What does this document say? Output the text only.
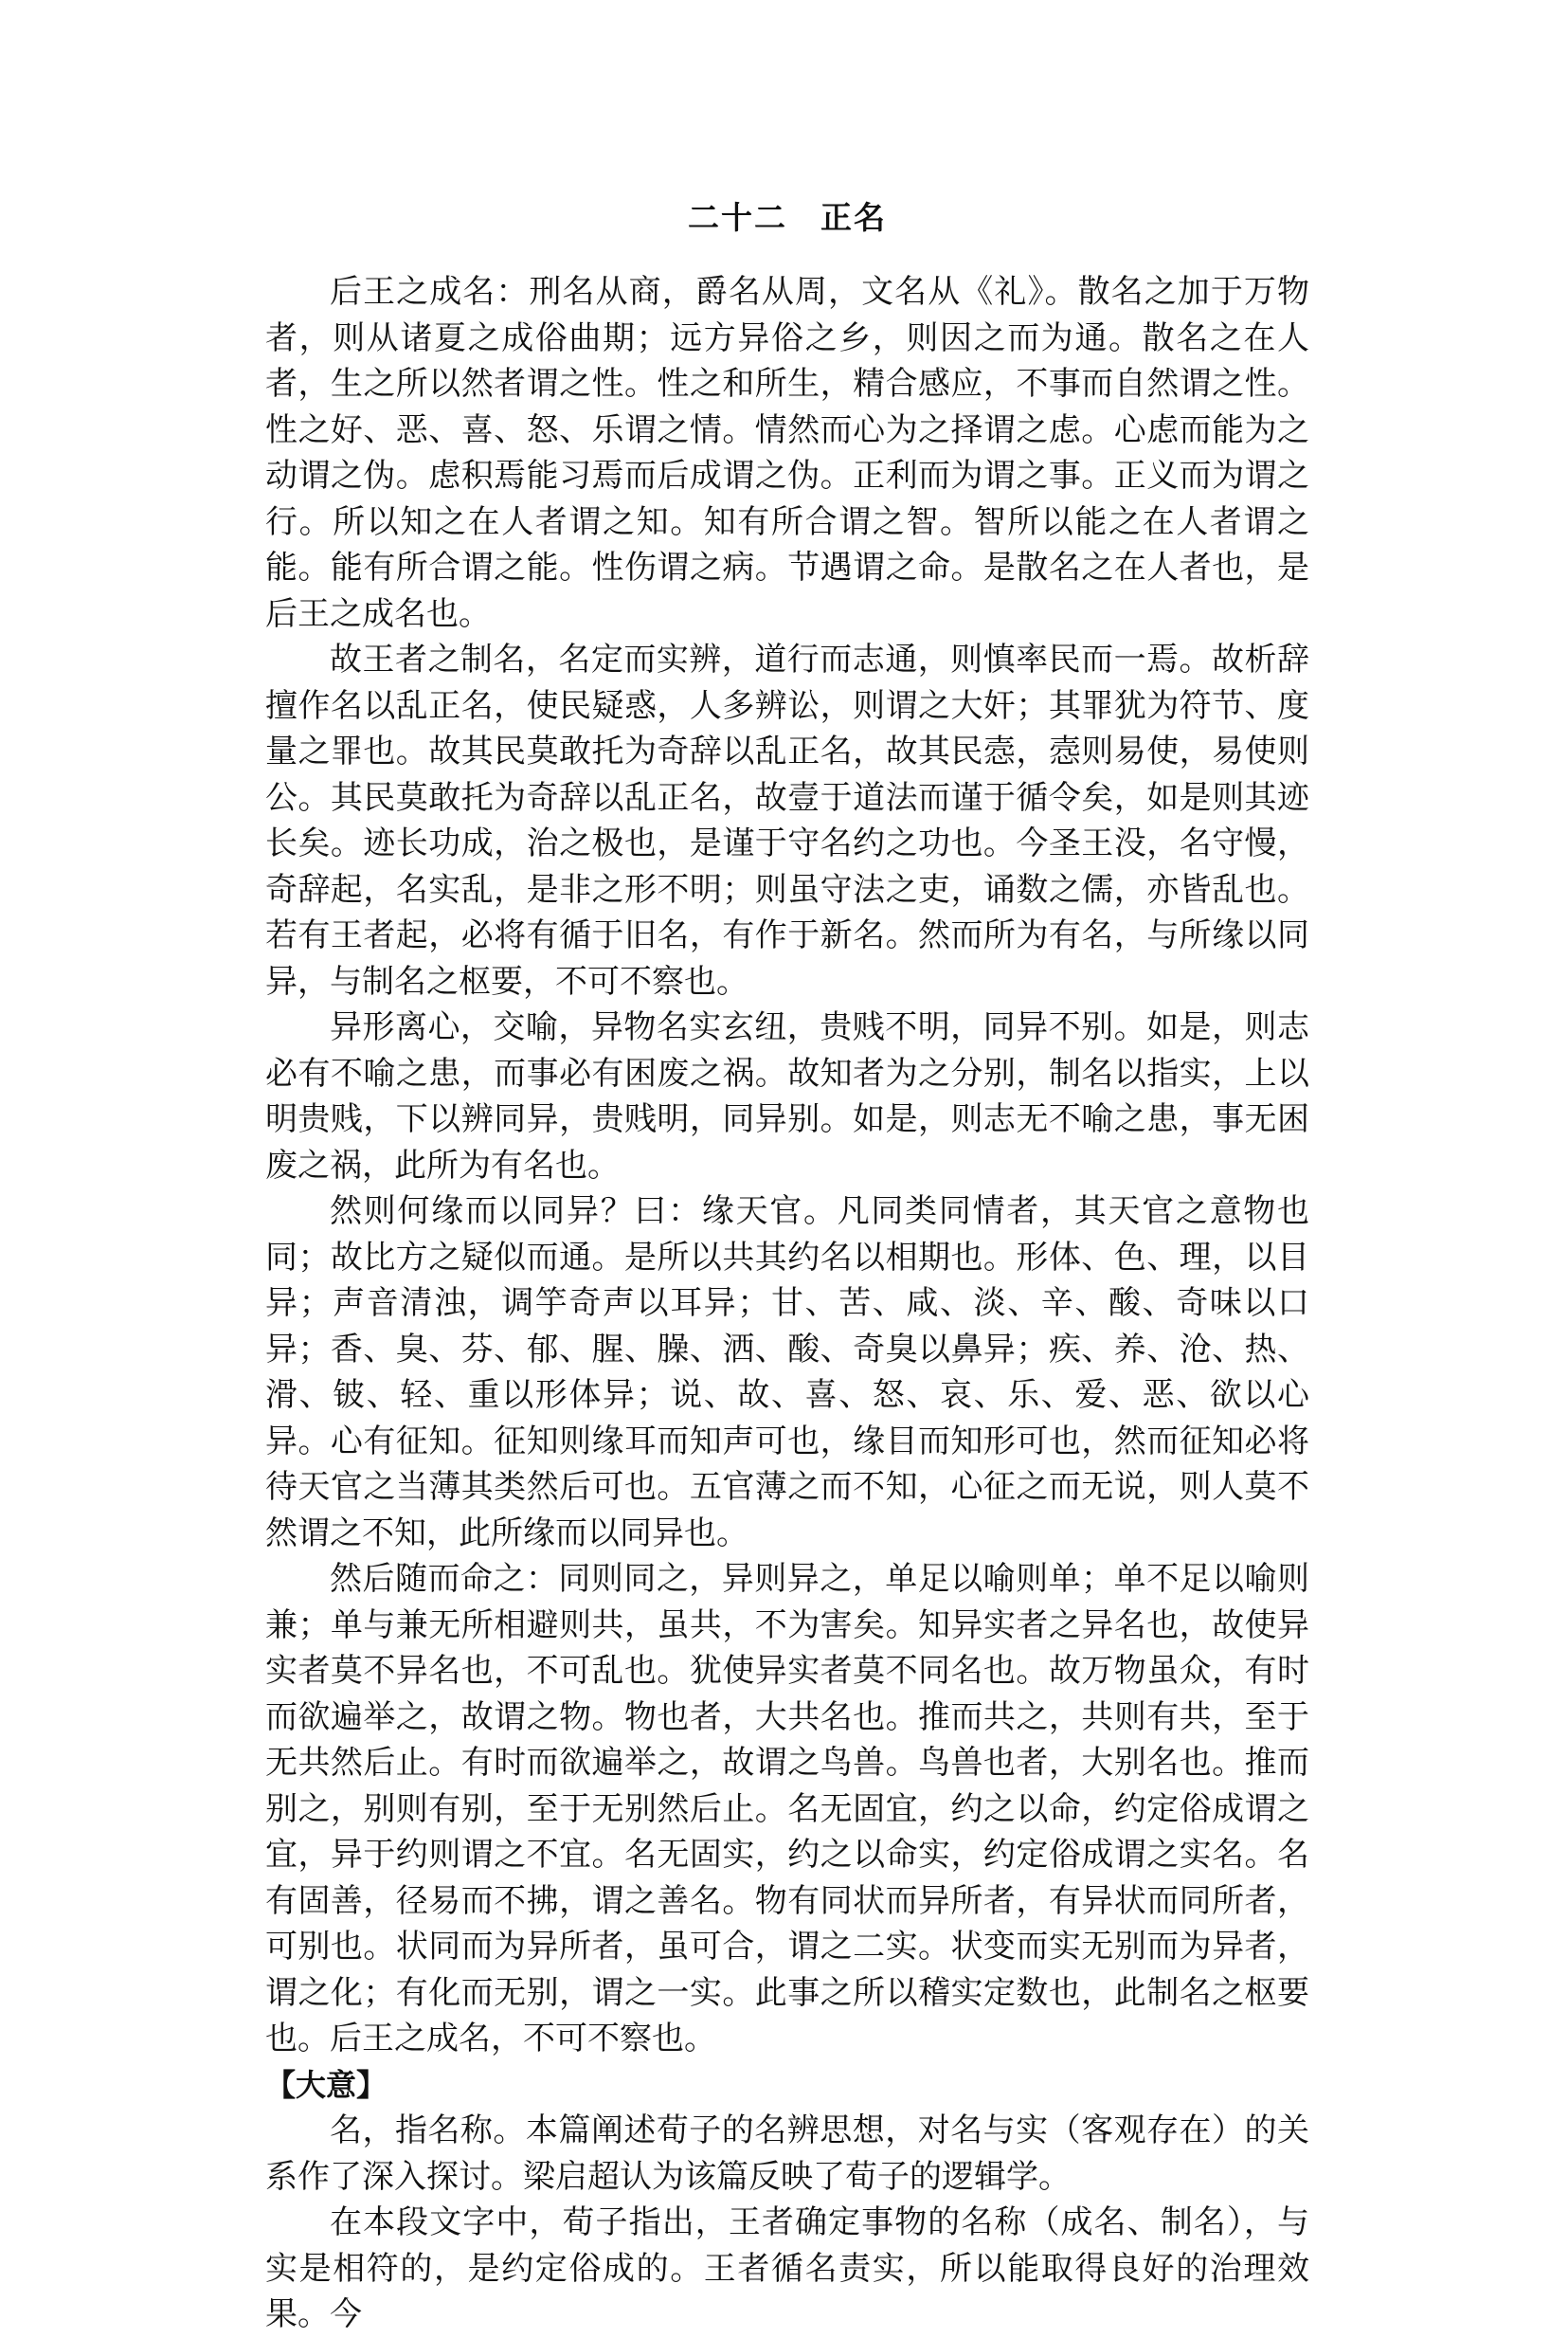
二十二　正名

后王之成名：刑名从商，爵名从周，文名从《礼》。散名之加于万物者，则从诸夏之成俗曲期；远方异俗之乡，则因之而为通。散名之在人者，生之所以然者谓之性。性之和所生，精合感应，不事而自然谓之性。性之好、恶、喜、怒、乐谓之情。情然而心为之择谓之虑。心虑而能为之动谓之伪。虑积焉能习焉而后成谓之伪。正利而为谓之事。正义而为谓之行。所以知之在人者谓之知。知有所合谓之智。智所以能之在人者谓之能。能有所合谓之能。性伤谓之病。节遇谓之命。是散名之在人者也，是后王之成名也。

故王者之制名，名定而实辨，道行而志通，则慎率民而一焉。故析辞擅作名以乱正名，使民疑惑，人多辨讼，则谓之大奸；其罪犹为符节、度量之罪也。故其民莫敢托为奇辞以乱正名，故其民悫，悫则易使，易使则公。其民莫敢托为奇辞以乱正名，故壹于道法而谨于循令矣，如是则其迹长矣。迹长功成，治之极也，是谨于守名约之功也。今圣王没，名守慢，奇辞起，名实乱，是非之形不明；则虽守法之吏，诵数之儒，亦皆乱也。若有王者起，必将有循于旧名，有作于新名。然而所为有名，与所缘以同异，与制名之枢要，不可不察也。

异形离心，交喻，异物名实玄纽，贵贱不明，同异不别。如是，则志必有不喻之患，而事必有困废之祸。故知者为之分别，制名以指实，上以明贵贱，下以辨同异，贵贱明，同异别。如是，则志无不喻之患，事无困废之祸，此所为有名也。

然则何缘而以同异？曰：缘天官。凡同类同情者，其天官之意物也同；故比方之疑似而通。是所以共其约名以相期也。形体、色、理，以目异；声音清浊，调竽奇声以耳异；甘、苦、咸、淡、辛、酸、奇味以口异；香、臭、芬、郁、腥、臊、洒、酸、奇臭以鼻异；疾、养、沧、热、滑、铍、轻、重以形体异；说、故、喜、怒、哀、乐、爱、恶、欲以心异。心有征知。征知则缘耳而知声可也，缘目而知形可也，然而征知必将待天官之当薄其类然后可也。五官薄之而不知，心征之而无说，则人莫不然谓之不知，此所缘而以同异也。

然后随而命之：同则同之，异则异之，单足以喻则单；单不足以喻则兼；单与兼无所相避则共，虽共，不为害矣。知异实者之异名也，故使异实者莫不异名也，不可乱也。犹使异实者莫不同名也。故万物虽众，有时而欲遍举之，故谓之物。物也者，大共名也。推而共之，共则有共，至于无共然后止。有时而欲遍举之，故谓之鸟兽。鸟兽也者，大别名也。推而别之，别则有别，至于无别然后止。名无固宜，约之以命，约定俗成谓之宜，异于约则谓之不宜。名无固实，约之以命实，约定俗成谓之实名。名有固善，径易而不拂，谓之善名。物有同状而异所者，有异状而同所者，可别也。状同而为异所者，虽可合，谓之二实。状变而实无别而为异者，谓之化；有化而无别，谓之一实。此事之所以稽实定数也，此制名之枢要也。后王之成名，不可不察也。

【大意】

名，指名称。本篇阐述荀子的名辨思想，对名与实（客观存在）的关系作了深入探讨。梁启超认为该篇反映了荀子的逻辑学。

在本段文字中，荀子指出，王者确定事物的名称（成名、制名），与实是相符的，是约定俗成的。王者循名责实，所以能取得良好的治理效果。今
